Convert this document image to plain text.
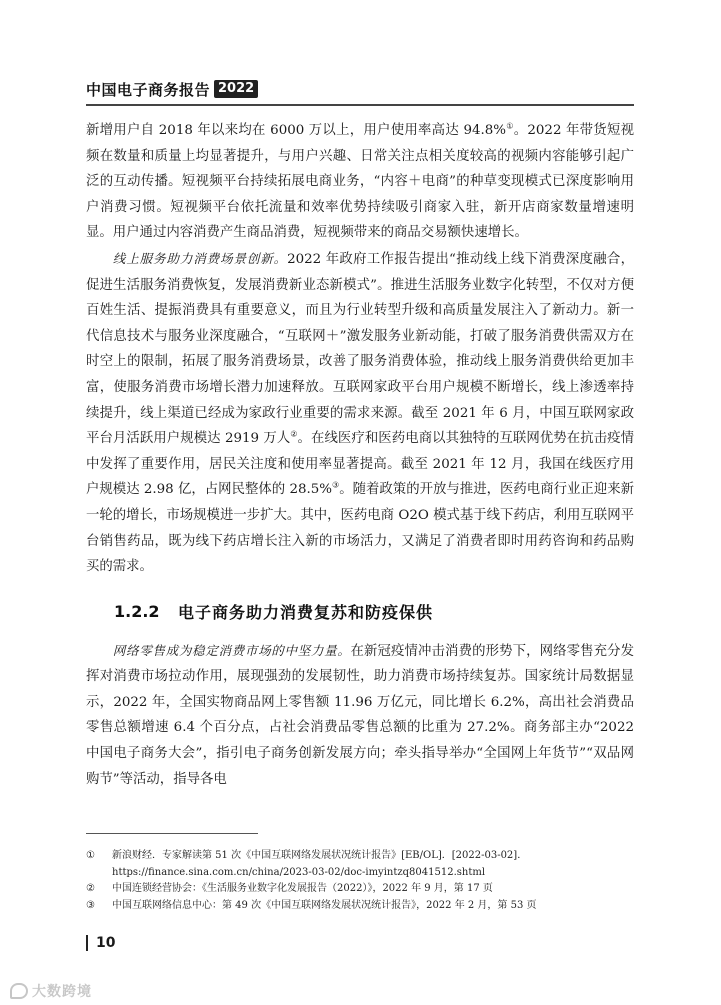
中国电子商务报告 2022

新增用户自 2018 年以来均在 6000 万以上，用户使用率高达 94.8%①。2022 年带货短视频在数量和质量上均显著提升，与用户兴趣、日常关注点相关度较高的视频内容能够引起广泛的互动传播。短视频平台持续拓展电商业务，“内容＋电商”的种草变现模式已深度影响用户消费习惯。短视频平台依托流量和效率优势持续吸引商家入驻，新开店商家数量增速明显。用户通过内容消费产生商品消费，短视频带来的商品交易额快速增长。

线上服务助力消费场景创新。2022 年政府工作报告提出“推动线上线下消费深度融合，促进生活服务消费恢复，发展消费新业态新模式”。推进生活服务业数字化转型，不仅对方便百姓生活、提振消费具有重要意义，而且为行业转型升级和高质量发展注入了新动力。新一代信息技术与服务业深度融合，“互联网＋”激发服务业新动能，打破了服务消费供需双方在时空上的限制，拓展了服务消费场景，改善了服务消费体验，推动线上服务消费供给更加丰富，使服务消费市场增长潜力加速释放。互联网家政平台用户规模不断增长，线上渗透率持续提升，线上渠道已经成为家政行业重要的需求来源。截至 2021 年 6 月，中国互联网家政平台月活跃用户规模达 2919 万人②。在线医疗和医药电商以其独特的互联网优势在抗击疫情中发挥了重要作用，居民关注度和使用率显著提高。截至 2021 年 12 月，我国在线医疗用户规模达 2.98 亿，占网民整体的 28.5%③。随着政策的开放与推进，医药电商行业正迎来新一轮的增长，市场规模进一步扩大。其中，医药电商 O2O 模式基于线下药店，利用互联网平台销售药品，既为线下药店增长注入新的市场活力，又满足了消费者即时用药咨询和药品购买的需求。

1.2.2	电子商务助力消费复苏和防疫保供

网络零售成为稳定消费市场的中坚力量。在新冠疫情冲击消费的形势下，网络零售充分发挥对消费市场拉动作用，展现强劲的发展韧性，助力消费市场持续复苏。国家统计局数据显示，2022 年，全国实物商品网上零售额 11.96 万亿元，同比增长 6.2%，高出社会消费品零售总额增速 6.4 个百分点，占社会消费品零售总额的比重为 27.2%。商务部主办“2022 中国电子商务大会”，指引电子商务创新发展方向；牵头指导举办“全国网上年货节”“双品网购节”等活动，指导各电

①	新浪财经．专家解读第 51 次《中国互联网络发展状况统计报告》[EB/OL]．[2022-03-02]．https://finance.sina.com.cn/china/2023-03-02/doc-imyintzq8041512.shtml
②	中国连锁经营协会：《生活服务业数字化发展报告（2022）》，2022 年 9 月，第 17 页
③	中国互联网络信息中心：第 49 次《中国互联网络发展状况统计报告》，2022 年 2 月，第 53 页
10
大数跨境
